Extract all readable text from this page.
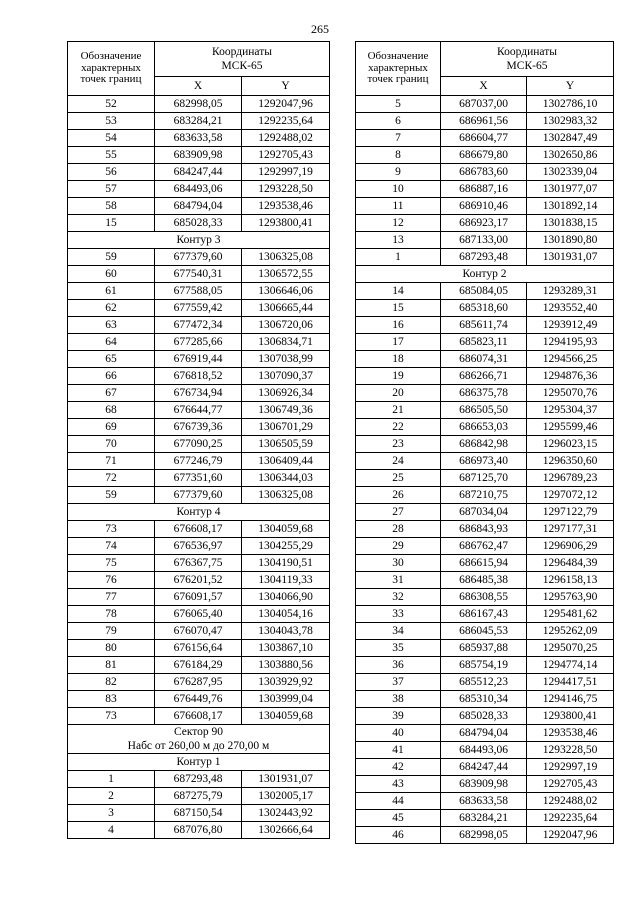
265
Обозначение характерных точек границ	Координаты
МСК-65	
	X	Y
52	682998,05	1292047,96
53	683284,21	1292235,64
54	683633,58	1292488,02
55	683909,98	1292705,43
56	684247,44	1292997,19
57	684493,06	1293228,50
58	684794,04	1293538,46
15	685028,33	1293800,41
Контур 3		
59	677379,60	1306325,08
60	677540,31	1306572,55
61	677588,05	1306646,06
62	677559,42	1306665,44
63	677472,34	1306720,06
64	677285,66	1306834,71
65	676919,44	1307038,99
66	676818,52	1307090,37
67	676734,94	1306926,34
68	676644,77	1306749,36
69	676739,36	1306701,29
70	677090,25	1306505,59
71	677246,79	1306409,44
72	677351,60	1306344,03
59	677379,60	1306325,08
Контур 4		
73	676608,17	1304059,68
74	676536,97	1304255,29
75	676367,75	1304190,51
76	676201,52	1304119,33
77	676091,57	1304066,90
78	676065,40	1304054,16
79	676070,47	1304043,78
80	676156,64	1303867,10
81	676184,29	1303880,56
82	676287,95	1303929,92
83	676449,76	1303999,04
73	676608,17	1304059,68
Сектор 90
Набс от 260,00 м до 270,00 м		
Контур 1		
1	687293,48	1301931,07
2	687275,79	1302005,17
3	687150,54	1302443,92
4	687076,80	1302666,64
Обозначение характерных точек границ	Координаты
МСК-65	
	X	Y
5	687037,00	1302786,10
6	686961,56	1302983,32
7	686604,77	1302847,49
8	686679,80	1302650,86
9	686783,60	1302339,04
10	686887,16	1301977,07
11	686910,46	1301892,14
12	686923,17	1301838,15
13	687133,00	1301890,80
1	687293,48	1301931,07
Контур 2		
14	685084,05	1293289,31
15	685318,60	1293552,40
16	685611,74	1293912,49
17	685823,11	1294195,93
18	686074,31	1294566,25
19	686266,71	1294876,36
20	686375,78	1295070,76
21	686505,50	1295304,37
22	686653,03	1295599,46
23	686842,98	1296023,15
24	686973,40	1296350,60
25	687125,70	1296789,23
26	687210,75	1297072,12
27	687034,04	1297122,79
28	686843,93	1297177,31
29	686762,47	1296906,29
30	686615,94	1296484,39
31	686485,38	1296158,13
32	686308,55	1295763,90
33	686167,43	1295481,62
34	686045,53	1295262,09
35	685937,88	1295070,25
36	685754,19	1294774,14
37	685512,23	1294417,51
38	685310,34	1294146,75
39	685028,33	1293800,41
40	684794,04	1293538,46
41	684493,06	1293228,50
42	684247,44	1292997,19
43	683909,98	1292705,43
44	683633,58	1292488,02
45	683284,21	1292235,64
46	682998,05	1292047,96
